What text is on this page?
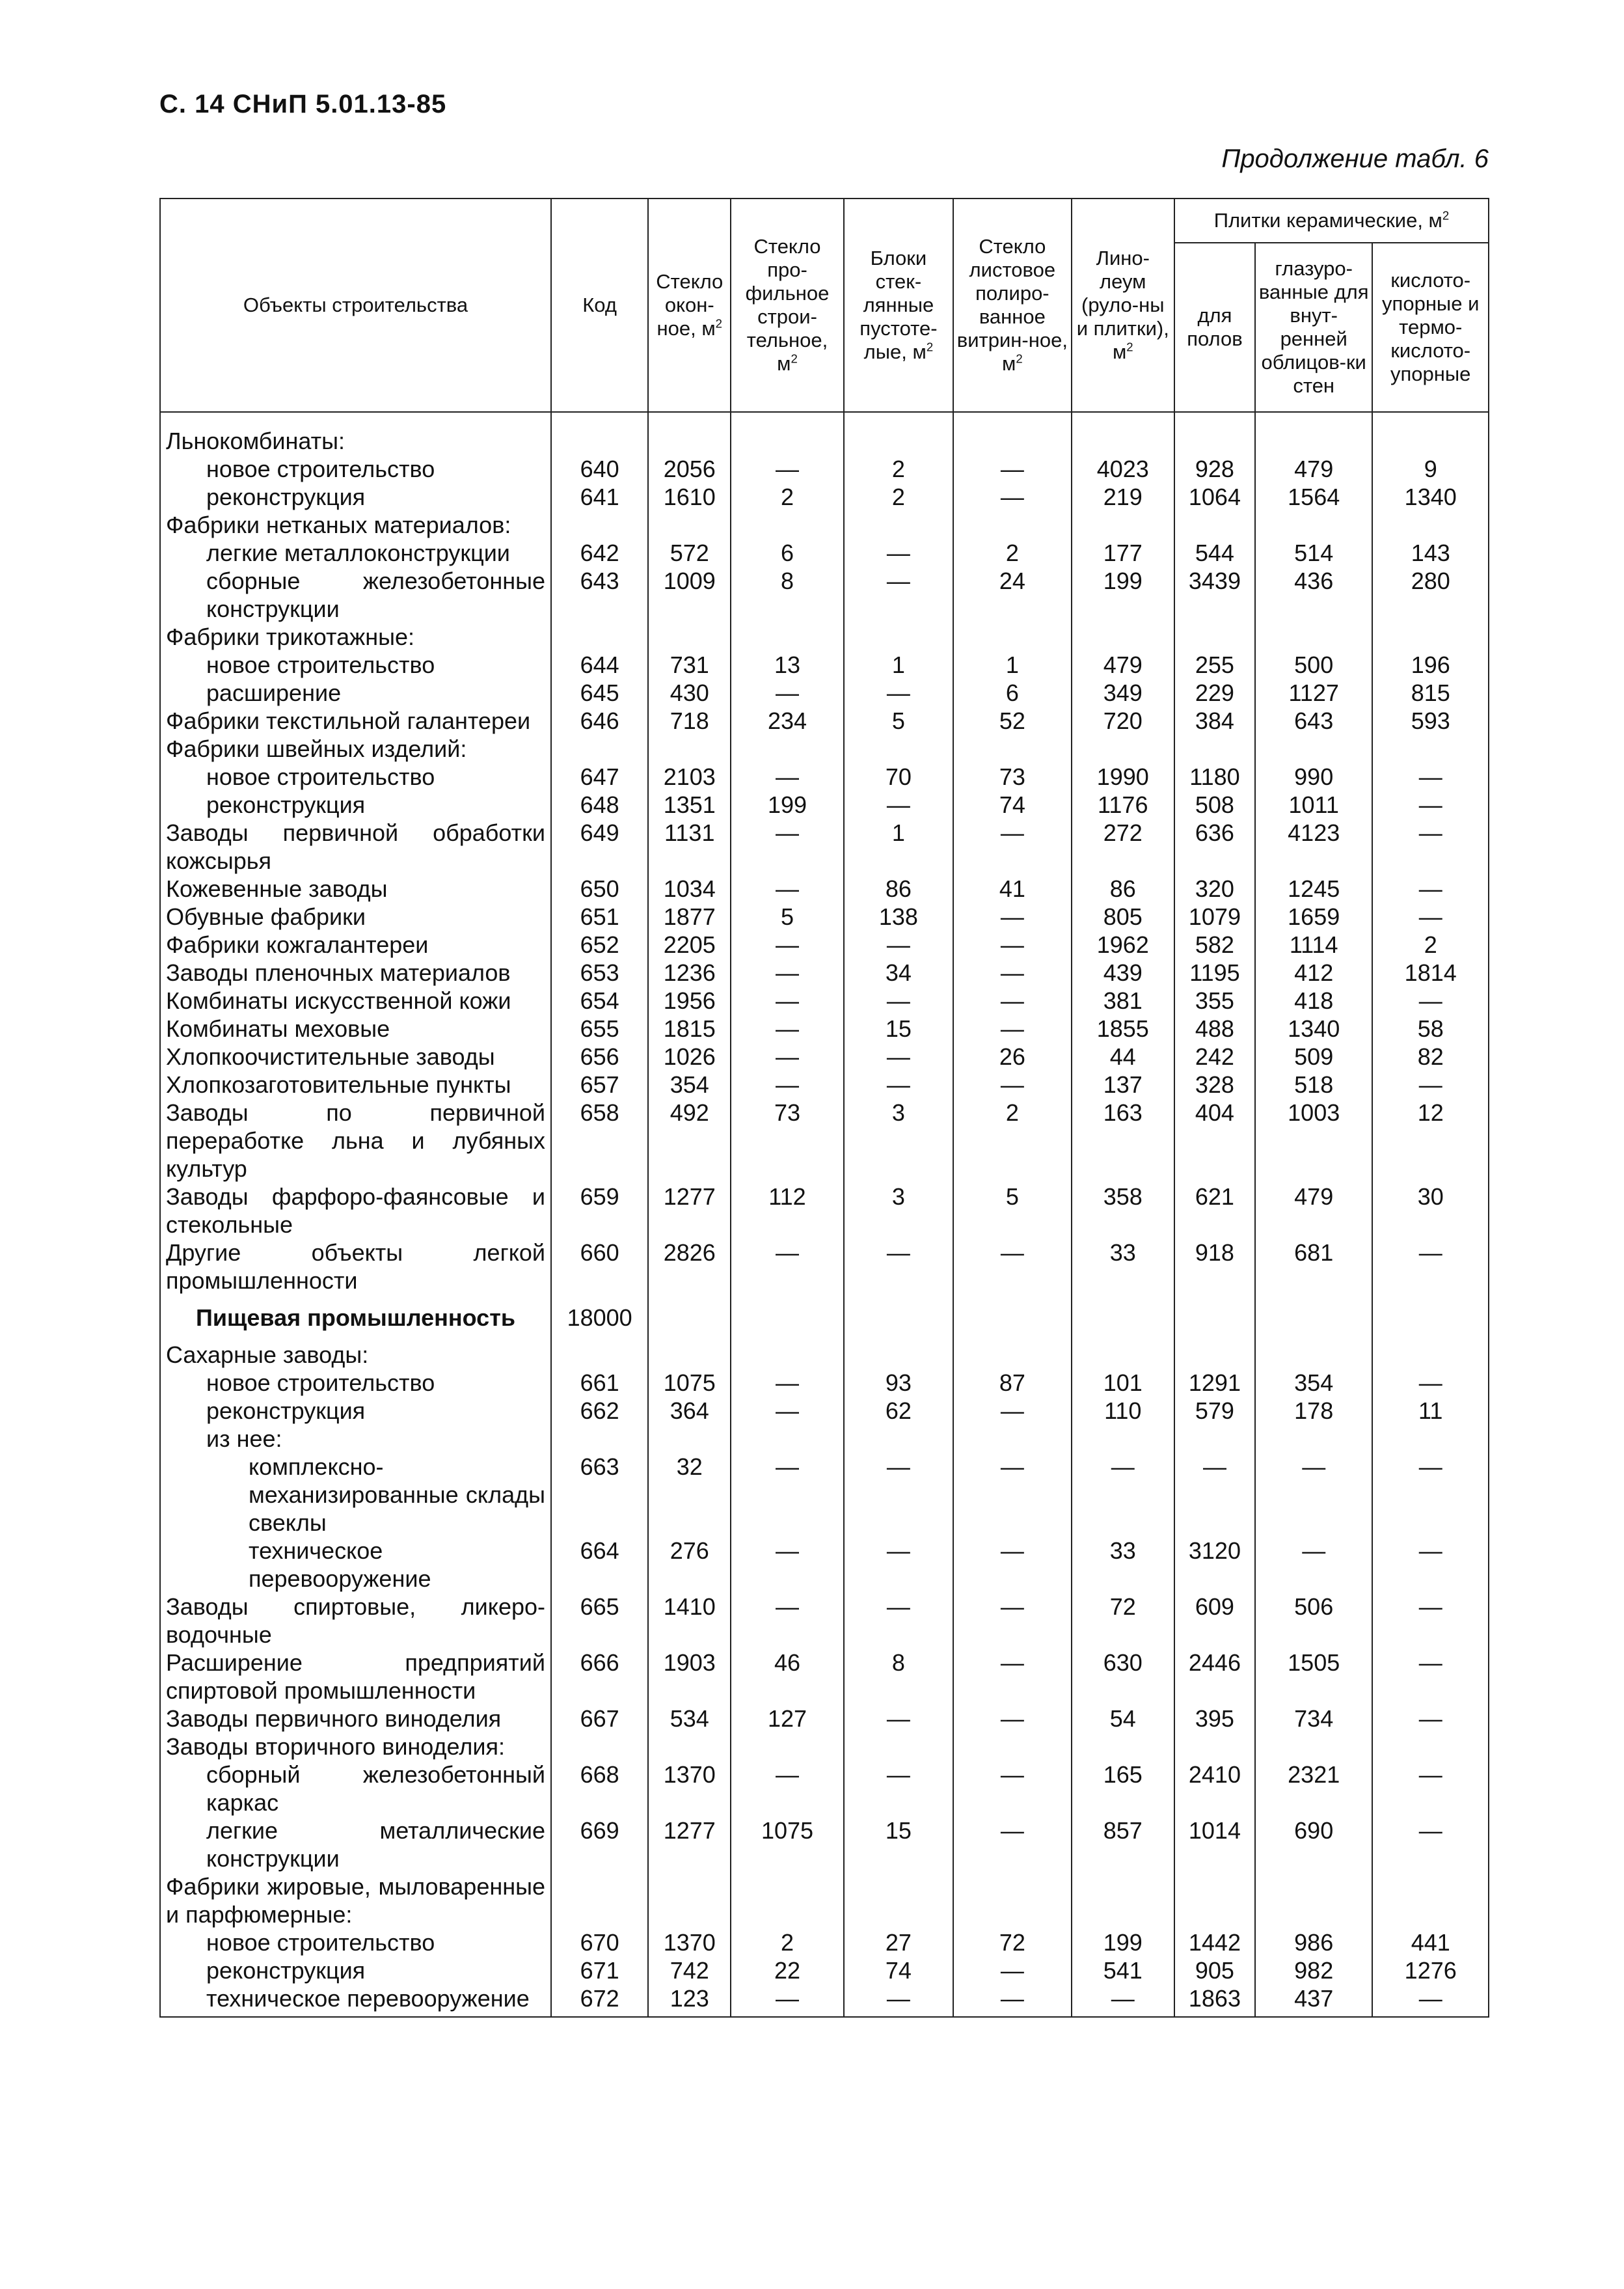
С. 14 СНиП 5.01.13-85
Продолжение табл. 6
Объекты строительства	Код	Стекло окон-ное, $м^2$	Стекло про-фильное строи-тельное, $м^2$	Блоки стек-лянные пустоте-лые, $м^2$	Стекло листовое полиро-ванное витрин-ное, $м^2$	Лино-леум (руло-ны и плитки), $м^2$	Плитки керамические, $м^2$
							для полов	глазуро-ванные для внут-ренней облицов-ки стен	кислото-упорные и термо-кислото-упорные
Льнокомбинаты:									
новое строительство	640	2056	—	2	—	4023	928	479	9
реконструкция	641	1610	2	2	—	219	1064	1564	1340
Фабрики нетканых материалов:									
легкие металлоконструкции	642	572	6	—	2	177	544	514	143
сборные железобетонные конструкции	643	1009	8	—	24	199	3439	436	280
Фабрики трикотажные:									
новое строительство	644	731	13	1	1	479	255	500	196
расширение	645	430	—	—	6	349	229	1127	815
Фабрики текстильной галантереи	646	718	234	5	52	720	384	643	593
Фабрики швейных изделий:									
новое строительство	647	2103	—	70	73	1990	1180	990	—
реконструкция	648	1351	199	—	74	1176	508	1011	—
Заводы первичной обработки кожсырья	649	1131	—	1	—	272	636	4123	—
Кожевенные заводы	650	1034	—	86	41	86	320	1245	—
Обувные фабрики	651	1877	5	138	—	805	1079	1659	—
Фабрики кожгалантереи	652	2205	—	—	—	1962	582	1114	2
Заводы пленочных материалов	653	1236	—	34	—	439	1195	412	1814
Комбинаты искусственной кожи	654	1956	—	—	—	381	355	418	—
Комбинаты меховые	655	1815	—	15	—	1855	488	1340	58
Хлопкоочистительные заводы	656	1026	—	—	26	44	242	509	82
Хлопкозаготовительные пункты	657	354	—	—	—	137	328	518	—
Заводы по первичной переработке льна и лубяных культур	658	492	73	3	2	163	404	1003	12
Заводы фарфоро-фаянсовые и стекольные	659	1277	112	3	5	358	621	479	30
Другие объекты легкой промышленности	660	2826	—	—	—	33	918	681	—
Пищевая промышленность	18000								
Сахарные заводы:									
новое строительство	661	1075	—	93	87	101	1291	354	—
реконструкция	662	364	—	62	—	110	579	178	11
из нее:									
комплексно-механизированные склады свеклы	663	32	—	—	—	—	—	—	—
техническое перевооружение	664	276	—	—	—	33	3120	—	—
Заводы спиртовые, ликеро-водочные	665	1410	—	—	—	72	609	506	—
Расширение предприятий спиртовой промышленности	666	1903	46	8	—	630	2446	1505	—
Заводы первичного виноделия	667	534	127	—	—	54	395	734	—
Заводы вторичного виноделия:									
сборный железобетонный каркас	668	1370	—	—	—	165	2410	2321	—
легкие металлические конструкции	669	1277	1075	15	—	857	1014	690	—
Фабрики жировые, мыловаренные и парфюмерные:									
новое строительство	670	1370	2	27	72	199	1442	986	441
реконструкция	671	742	22	74	—	541	905	982	1276
техническое перевооружение	672	123	—	—	—	—	1863	437	—
